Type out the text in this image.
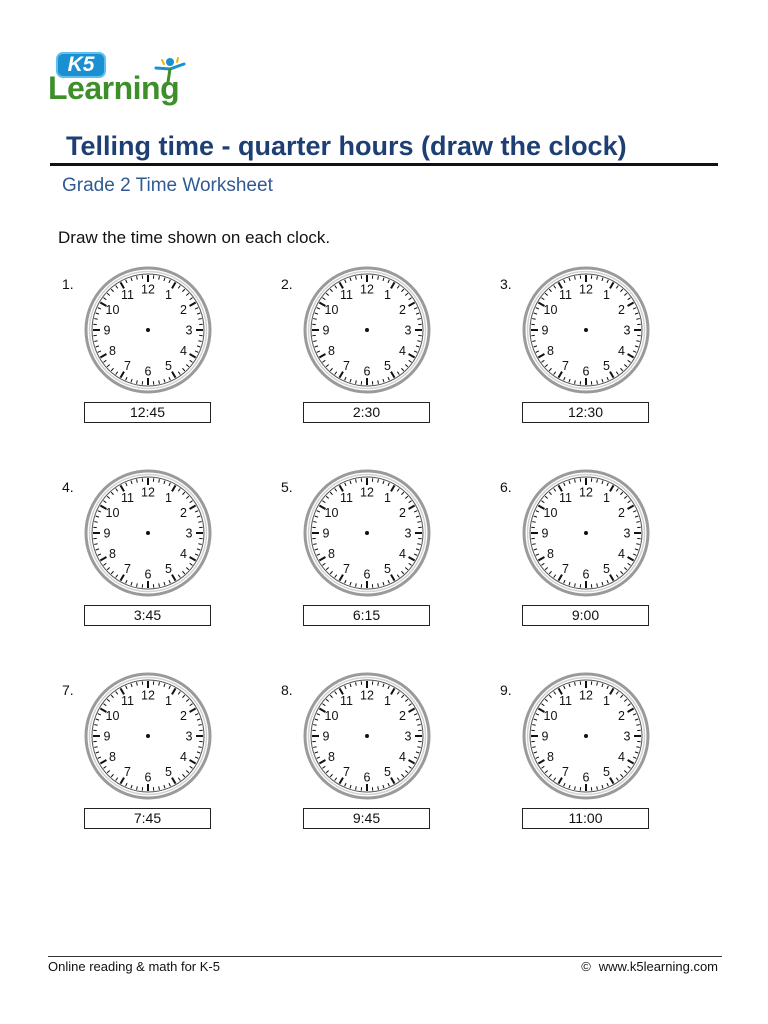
K5
Learning
Telling time - quarter hours (draw the clock)
Grade 2 Time Worksheet
Draw the time shown on each clock.
1.	12 1
2
3
4
5
6
7
8
9
10
11
12:45
2.	12 1
2
3
4
5
6
7
8
9
10
11
2:30
3.	12 1
2
3
4
5
6
7
8
9
10
11
12:30
4.	12 1
2
3
4
5
6
7
8
9
10
11
3:45
5.	12 1
2
3
4
5
6
7
8
9
10
11
6:15
6.	12 1
2
3
4
5
6
7
8
9
10
11
9:00
7.	12 1
2
3
4
5
6
7
8
9
10
11
7:45
8.	12 1
2
3
4
5
6
7
8
9
10
11
9:45
9.	12 1
2
3
4
5
6
7
8
9
10
11
11:00
Online reading & math for K-5	© www.k5learning.com
